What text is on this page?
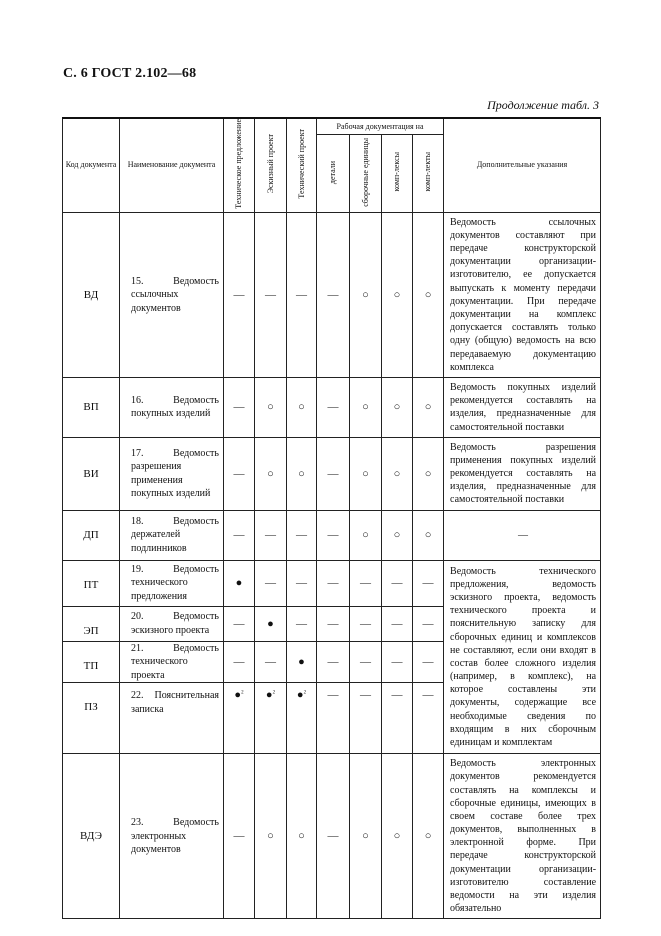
С. 6 ГОСТ 2.102—68
Продолжение табл. 3
Код документа	Наименование документа	Техническое предложение	Эскизный проект	Технический проект	Рабочая документация на				Дополнительные указания
					детали	сборочные единицы	комп-лексы	комп-лекты	
ВД	15. Ведомость ссылочных документов	—	—	—	—	○	○	○	Ведомость ссылочных документов составляют при передаче конструкторской документации организации-изготовителю, ее допускается выпускать к моменту передачи документации. При передаче документации на комплекс допускается составлять только одну (общую) ведомость на всю передаваемую документацию комплекса
ВП	16. Ведомость покупных изделий	—	○	○	—	○	○	○	Ведомость покупных изделий рекомендуется составлять на изделия, предназначенные для самостоятельной поставки
ВИ	17. Ведомость разрешения применения покупных изделий	—	○	○	—	○	○	○	Ведомость разрешения применения покупных изделий рекомендуется составлять на изделия, предназначенные для самостоятельной поставки
ДП	18. Ведомость держателей подлинников	—	—	—	—	○	○	○	—
ПТ	19. Ведомость технического предложения	●	—	—	—	—	—	—	Ведомость технического предложения, ведомость эскизного проекта, ведомость технического проекта и пояснительную записку для сборочных единиц и комплексов не составляют, если они входят в состав более сложного изделия (например, в комплекс), на которое составлены эти документы, содержащие все необходимые сведения по входящим в них сборочным единицам и комплектам
ЭП	20. Ведомость эскизного проекта	—	●	—	—	—	—	—	
ТП	21. Ведомость технического проекта	—	—	●	—	—	—	—	
ПЗ	22. Пояснительная записка	●$^2$	●$^2$	●$^2$	—	—	—	—	
ВДЭ	23. Ведомость электронных документов	—	○	○	—	○	○	○	Ведомость электронных документов рекомендуется составлять на комплексы и сборочные единицы, имеющих в своем составе более трех документов, выполненных в электронной форме. При передаче конструкторской документации организации-изготовителю составление ведомости на эти изделия обязательно
